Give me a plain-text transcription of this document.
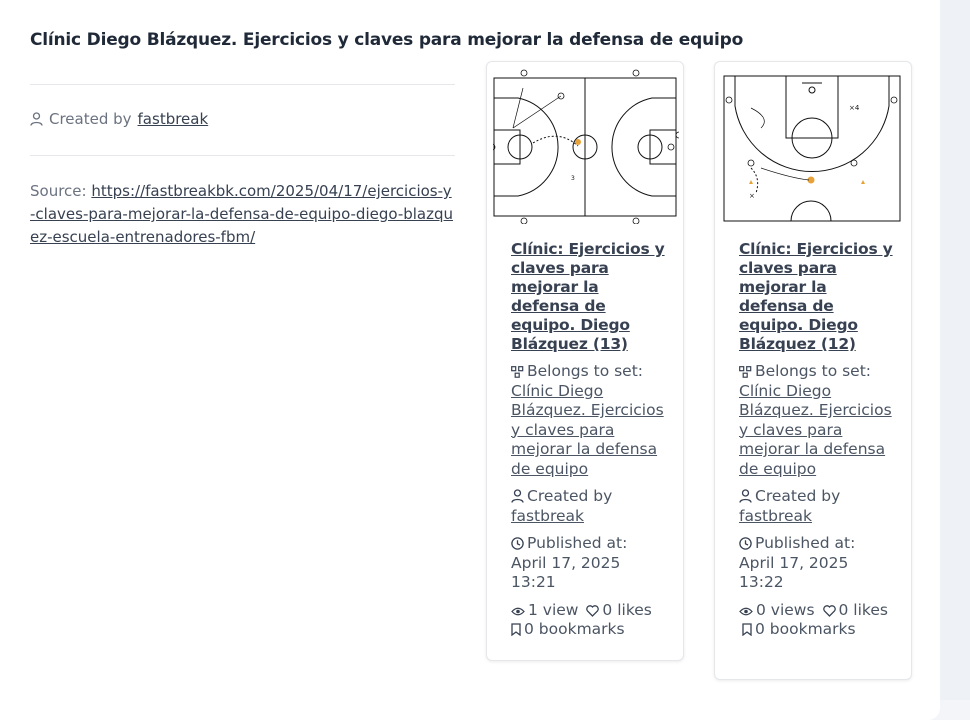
Clínic Diego Blázquez. Ejercicios y claves para mejorar la defensa de equipo
Created by fastbreak
Source: https://fastbreakbk.com/2025/04/17/ejercicios-y-claves-para-mejorar-la-defensa-de-equipo-diego-blazquez-escuela-entrenadores-fbm/
3
Clínic: Ejercicios y claves para mejorar la defensa de equipo. Diego Blázquez (13)
Belongs to set:
Clínic Diego Blázquez. Ejercicios y claves para mejorar la defensa de equipo
Created by
fastbreak
Published at:
April 17, 2025 13:21
1 view 0 likes
0 bookmarks
×4
×
Clínic: Ejercicios y claves para mejorar la defensa de equipo. Diego Blázquez (12)
Belongs to set:
Clínic Diego Blázquez. Ejercicios y claves para mejorar la defensa de equipo
Created by
fastbreak
Published at:
April 17, 2025 13:22
0 views 0 likes 0 bookmarks
